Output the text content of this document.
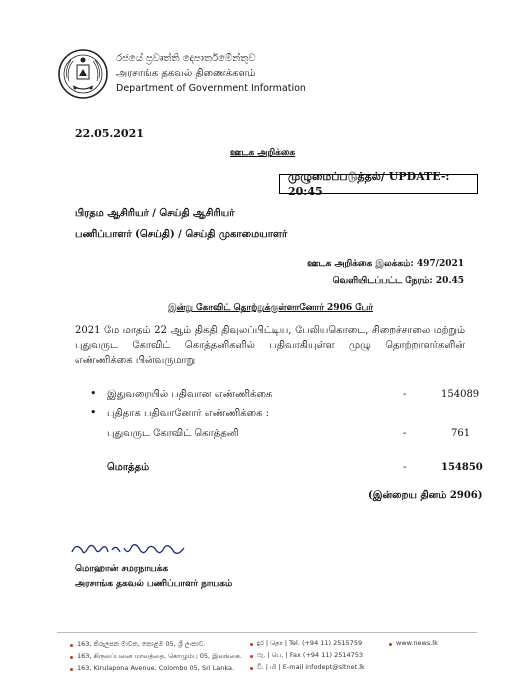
රජයේ ප්‍රවෘත්ති දෙපාර්තමේන්තුව
அரசாங்க தகவல் திணைக்களம்
Department of Government Information
22.05.2021
ஊடக அறிக்கை
முழுமைப்படுத்தல்/ UPDATE-: 20:45
பிரதம ஆசிரியர் / செய்தி ஆசிரியர்
பணிப்பாளர் (செய்தி) / செய்தி முகாமையாளர்
ஊடக அறிக்கை இலக்கம்: 497/2021
வெளியிடப்பட்ட நேரம்: 20.45
இன்று கோவிட் தொற்றுக்குள்ளானோர் 2906 பேர்
2021 மே மாதம் 22 ஆம் திகதி திவுலப்பிட்டிய, பேலியகொடை, சிறைச்சாலை மற்றும் புதுவருட கோவிட் கொத்தனிகளில் பதிவாகியுள்ள முழு தொற்றாளர்களின் எண்ணிக்கை பின்வருமாறு
• இதுவரையில் பதிவான எண்ணிக்கை	-	154089
• புதிதாக பதிவானோர் எண்ணிக்கை :
புதுவருட கோவிட் கொத்தனி	-	761
மொத்தம்	-	154850
(இன்றைய தினம் 2906)
மொஹான் சமரநாயக்க
அரசாங்க தகவல் பணிப்பாளர் நாயகம்
163, කිරුලපන මාවත, කොළඹ 05, ශ්‍රී ලංකාව.
163, கிருலப்பனை மாவத்தை, கொழும்பு 05, இலங்கை.
163, Kirulapona Avenue, Colombo 05, Sri Lanka.
දුර | தொ | Tel. (+94 11) 2515759
ෆැ. | பெ. | Fax (+94 11) 2514753
වි. | மி | E-mail infodept@sltnet.lk
www.news.lk
